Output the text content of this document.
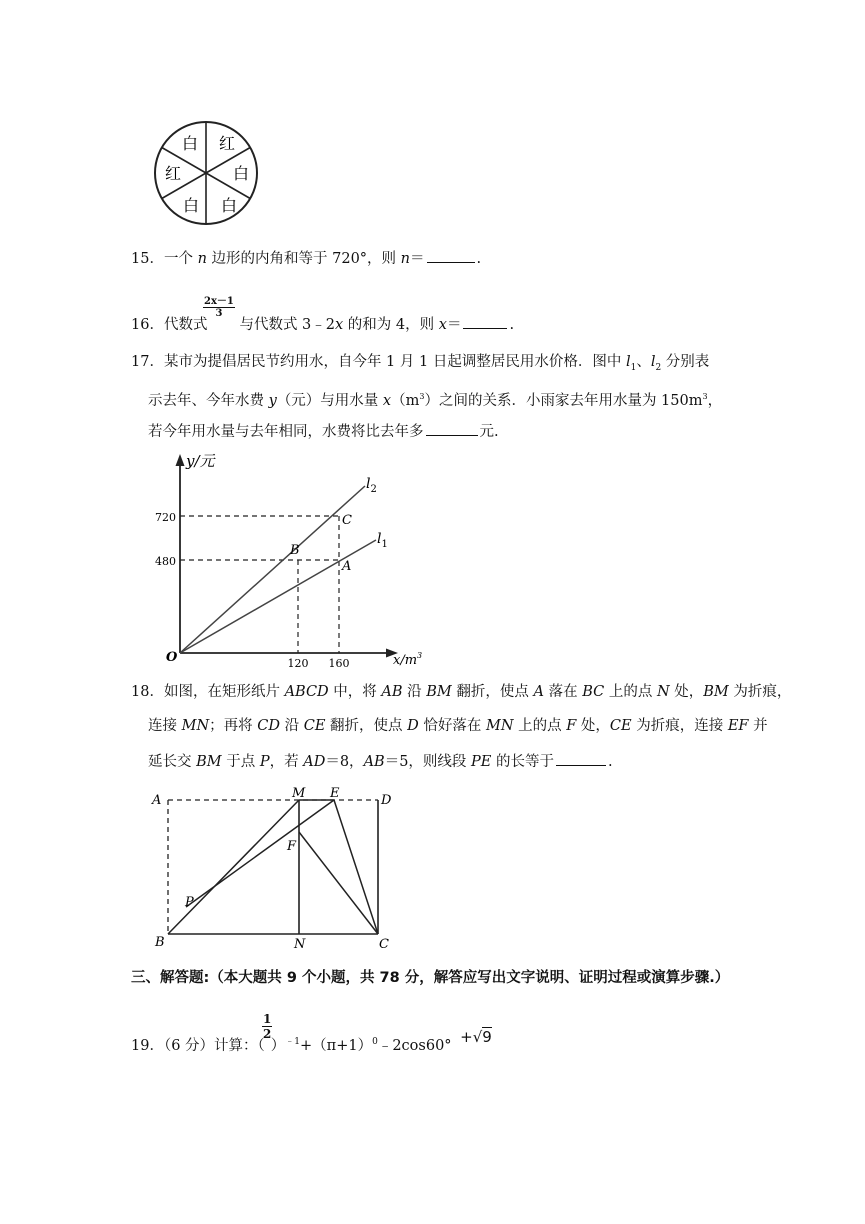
白 红
白
白
白
红
15．一个 n 边形的内角和等于 720°，则 n＝	.
$\frac{2x-1}{3}$
16．代数式 与代数式 3﹣2x 的和为 4，则 x＝	.
17．某市为提倡居民节约用水，自今年 1 月 1 日起调整居民用水价格．图中 $l_1$、$l_2$ 分别表
示去年、今年水费 y（元）与用水量 $x(m^3)$之间的关系．小雨家去年用水量为 $150m^3$，
若今年用水量与去年相同，水费将比去年多	元.
y/元
$x/m^3$
O
720
480
120 160
B
C
A
$l_2$
$l_1$
18．如图，在矩形纸片 ABCD 中，将 AB 沿 BM 翻折，使点 A 落在 BC 上的点 N 处，BM 为折痕，
连接 MN；再将 CD 沿 CE 翻折，使点 D 恰好落在 MN 上的点 F 处，CE 为折痕，连接 EF 并
延长交 BM 于点 P，若 AD＝8，AB＝5，则线段 PE 的长等于	.
A	M E	D
F
P
B	N	C
三、解答题:（本大题共 9 个小题，共 78 分，解答应写出文字说明、证明过程或演算步骤.）
$\frac{1}{2}$
19．（6 分）计算：（ ）$^{﹣1}+(\pi+1)^0﹣2\cos 60^\circ +√9$
